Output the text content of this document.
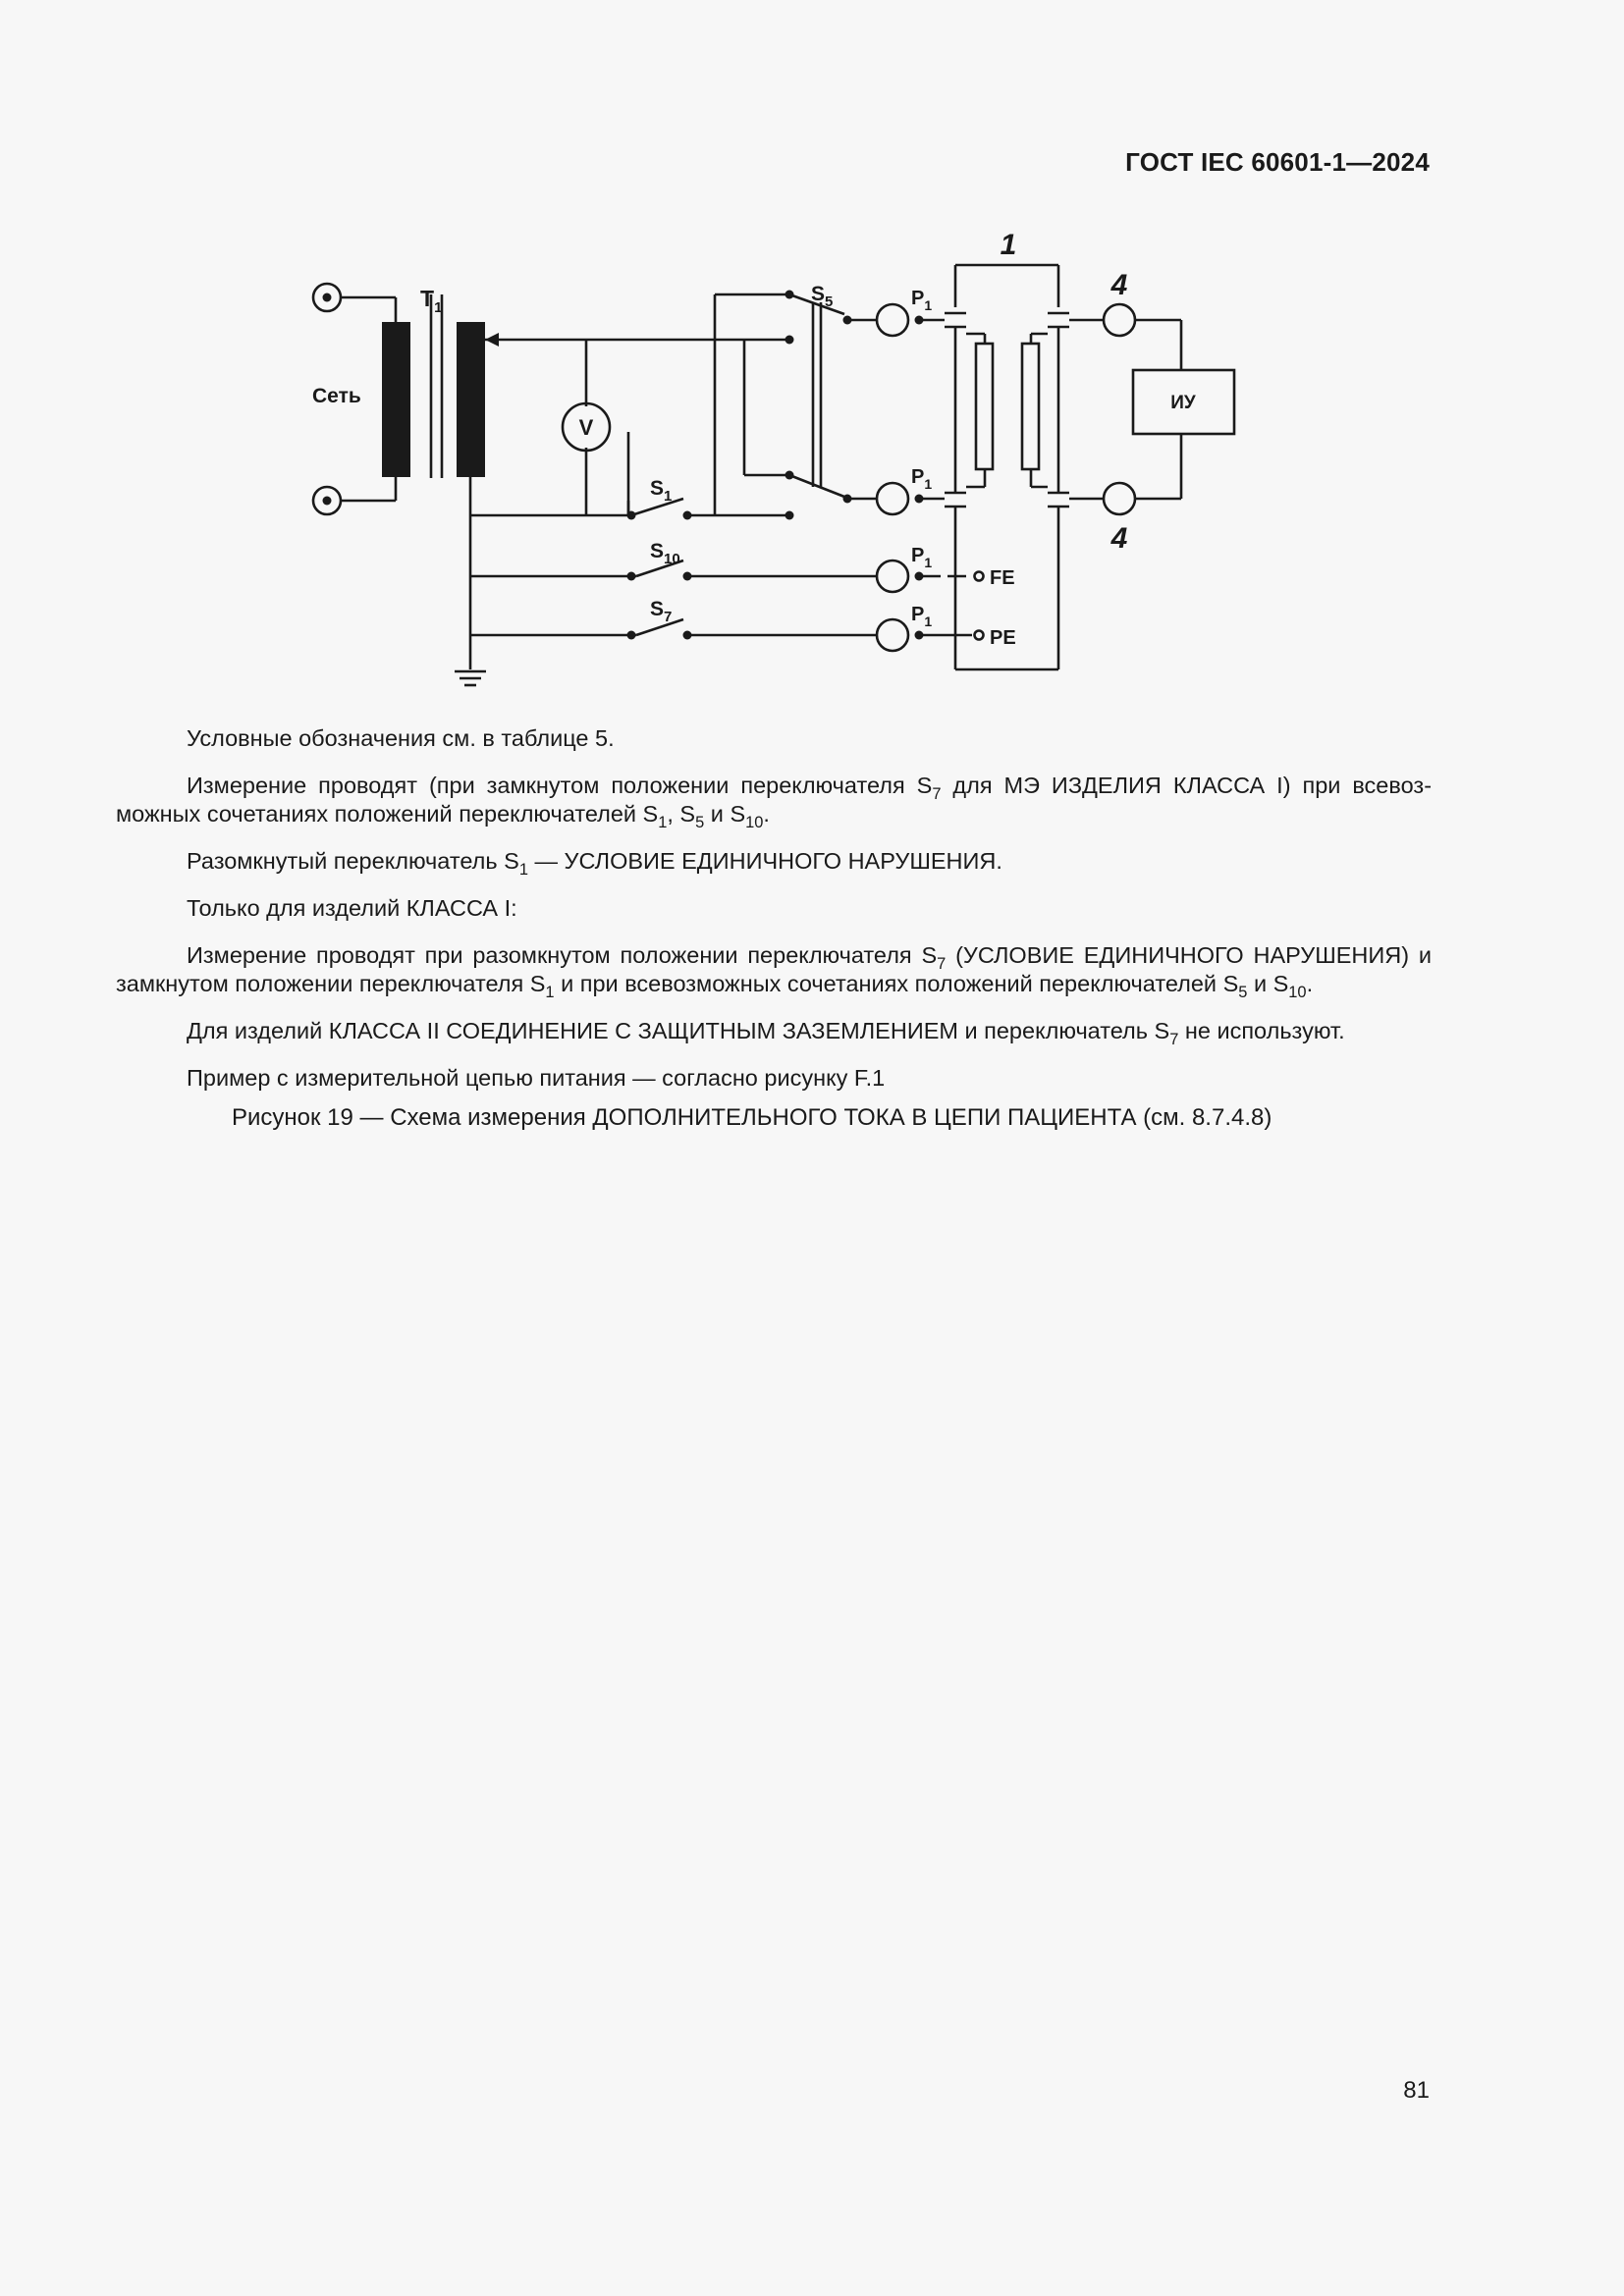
ГОСТ IEC 60601-1—2024
Сеть
$T_1$
V
$S_5$
$S_1$
$S_{10}$
$S_7$
$P_1$
$P_1$
$P_1$
$P_1$
FE
PE
ИУ
1
4
4

Условные обозначения см. в таблице 5.

Измерение проводят (при замкнутом положении переключателя $S_7$ для МЭ ИЗДЕЛИЯ КЛАССА I) при всевозможных сочетаниях положений переключателей $S_1$, $S_5$ и $S_{10}$.

Разомкнутый переключатель $S_1$ — УСЛОВИЕ ЕДИНИЧНОГО НАРУШЕНИЯ.

Только для изделий КЛАССА I:

Измерение проводят при разомкнутом положении переключателя $S_7$ (УСЛОВИЕ ЕДИНИЧНОГО НАРУШЕНИЯ) и замкнутом положении переключателя $S_1$ и при всевозможных сочетаниях положений переключателей $S_5$ и $S_{10}$.

Для изделий КЛАССА II СОЕДИНЕНИЕ С ЗАЩИТНЫМ ЗАЗЕМЛЕНИЕМ и переключатель $S_7$ не используют.

Пример с измерительной цепью питания — согласно рисунку F.1

Рисунок 19 — Схема измерения ДОПОЛНИТЕЛЬНОГО ТОКА В ЦЕПИ ПАЦИЕНТА (см. 8.7.4.8)
81
